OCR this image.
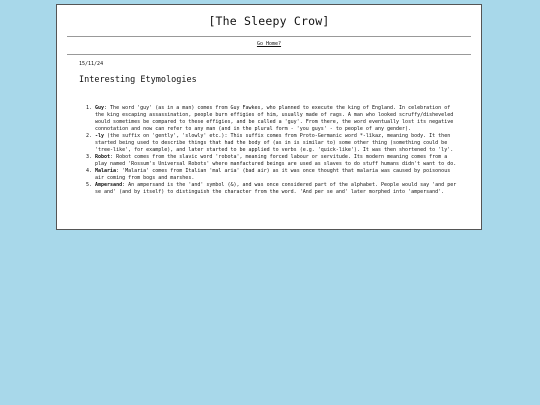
[The Sleepy Crow]
Go Home?
15/11/24
Interesting Etymologies
1. Guy: The word 'guy' (as in a man) comes from Guy Fawkes, who planned to execute the king of England. In celebration of the king escaping assassination, people burn effigies of him, usually made of rags. A man who looked scruffy/disheveled would sometimes be compared to these effigies, and be called a 'guy'. From there, the word eventually lost its negative connotation and now can refer to any man (and in the plural form - 'you guys' - to people of any gender).
2. -ly (the suffix on 'gently', 'slowly' etc.): This suffix comes from Proto-Germanic word *-līkaz, meaning body. It then started being used to describe things that had the body of (as in is similar to) some other thing (something could be 'tree-like', for example), and later started to be applied to verbs (e.g. 'quick-like'). It was then shortened to 'ly'.
3. Robot: Robot comes from the slavic word 'robota', meaning forced labour or servitude. Its modern meaning comes from a play named 'Rossum's Universal Robots' where manfactured beings are used as slaves to do stuff humans didn't want to do.
4. Malaria: 'Malaria' comes from Italian 'mal aria' (bad air) as it was once thought that malaria was caused by poisonous air coming from bogs and marshes.
5. Ampersand: An ampersand is the 'and' symbol (&), and was once considered part of the alphabet. People would say 'and per se and' (and by itself) to distinguish the character from the word. 'And per se and' later morphed into 'ampersand'.
